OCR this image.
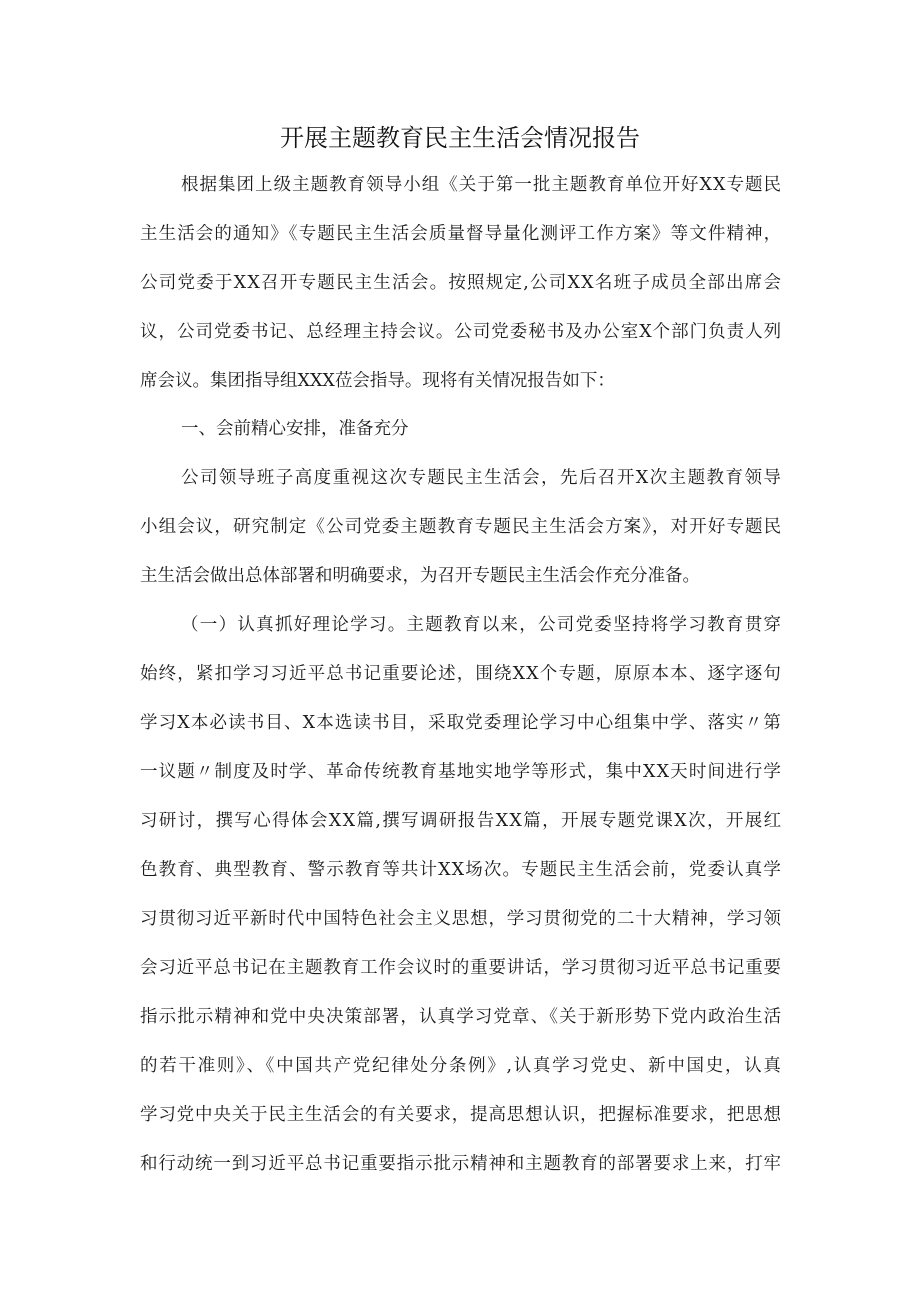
开展主题教育民主生活会情况报告
根据集团上级主题教育领导小组《关于第一批主题教育单位开好XX专题民
主生活会的通知》《专题民主生活会质量督导量化测评工作方案》等文件精神，
公司党委于XX召开专题民主生活会。按照规定,公司XX名班子成员全部出席会
议，公司党委书记、总经理主持会议。公司党委秘书及办公室X个部门负责人列
席会议。集团指导组XXX莅会指导。现将有关情况报告如下：
一、会前精心安排，准备充分
公司领导班子高度重视这次专题民主生活会，先后召开X次主题教育领导
小组会议，研究制定《公司党委主题教育专题民主生活会方案》，对开好专题民
主生活会做出总体部署和明确要求，为召开专题民主生活会作充分准备。
（一）认真抓好理论学习。主题教育以来，公司党委坚持将学习教育贯穿
始终，紧扣学习习近平总书记重要论述，围绕XX个专题，原原本本、逐字逐句
学习X本必读书目、X本选读书目，采取党委理论学习中心组集中学、落实〃第
一议题〃制度及时学、革命传统教育基地实地学等形式，集中XX天时间进行学
习研讨，撰写心得体会XX篇,撰写调研报告XX篇，开展专题党课X次，开展红
色教育、典型教育、警示教育等共计XX场次。专题民主生活会前，党委认真学
习贯彻习近平新时代中国特色社会主义思想，学习贯彻党的二十大精神，学习领
会习近平总书记在主题教育工作会议时的重要讲话，学习贯彻习近平总书记重要
指示批示精神和党中央决策部署，认真学习党章、《关于新形势下党内政治生活
的若干准则》、《中国共产党纪律处分条例》,认真学习党史、新中国史，认真
学习党中央关于民主生活会的有关要求，提高思想认识，把握标准要求，把思想
和行动统一到习近平总书记重要指示批示精神和主题教育的部署要求上来，打牢
